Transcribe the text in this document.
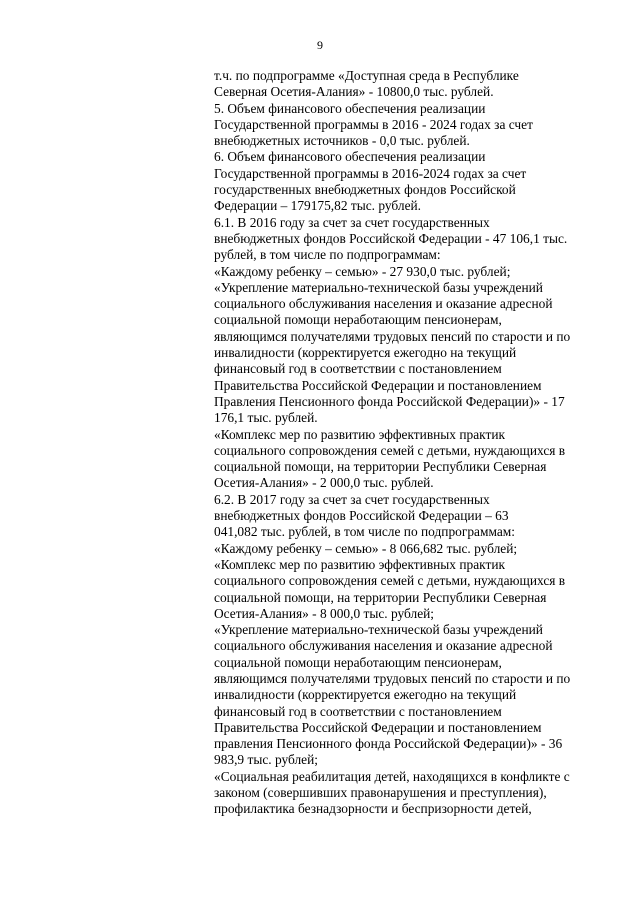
9
т.ч. по подпрограмме «Доступная среда в Республике
Северная Осетия-Алания» - 10800,0 тыс. рублей.
5. Объем финансового обеспечения реализации
Государственной программы в 2016 - 2024 годах за счет
внебюджетных источников - 0,0 тыс. рублей.
6. Объем финансового обеспечения реализации
Государственной программы в 2016-2024 годах за счет
государственных внебюджетных фондов Российской
Федерации – 179175,82 тыс. рублей.
6.1. В 2016 году за счет за счет государственных
внебюджетных фондов Российской Федерации - 47 106,1 тыс.
рублей, в том числе по подпрограммам:
«Каждому ребенку – семью» - 27 930,0 тыс. рублей;
«Укрепление материально-технической базы учреждений
социального обслуживания населения и оказание адресной
социальной помощи неработающим пенсионерам,
являющимся получателями трудовых пенсий по старости и по
инвалидности (корректируется ежегодно на текущий
финансовый год в соответствии с постановлением
Правительства Российской Федерации и постановлением
Правления Пенсионного фонда Российской Федерации)» - 17
176,1 тыс. рублей.
«Комплекс мер по развитию эффективных практик
социального сопровождения семей с детьми, нуждающихся в
социальной помощи, на территории Республики Северная
Осетия-Алания» - 2 000,0 тыс. рублей.
6.2. В 2017 году за счет за счет государственных
внебюджетных фондов Российской Федерации – 63
041,082 тыс. рублей, в том числе по подпрограммам:
«Каждому ребенку – семью» - 8 066,682 тыс. рублей;
«Комплекс мер по развитию эффективных практик
социального сопровождения семей с детьми, нуждающихся в
социальной помощи, на территории Республики Северная
Осетия-Алания» - 8 000,0 тыс. рублей;
«Укрепление материально-технической базы учреждений
социального обслуживания населения и оказание адресной
социальной помощи неработающим пенсионерам,
являющимся получателями трудовых пенсий по старости и по
инвалидности (корректируется ежегодно на текущий
финансовый год в соответствии с постановлением
Правительства Российской Федерации и постановлением
правления Пенсионного фонда Российской Федерации)» - 36
983,9 тыс. рублей;
«Социальная реабилитация детей, находящихся в конфликте с
законом (совершивших правонарушения и преступления),
профилактика безнадзорности и беспризорности детей,
